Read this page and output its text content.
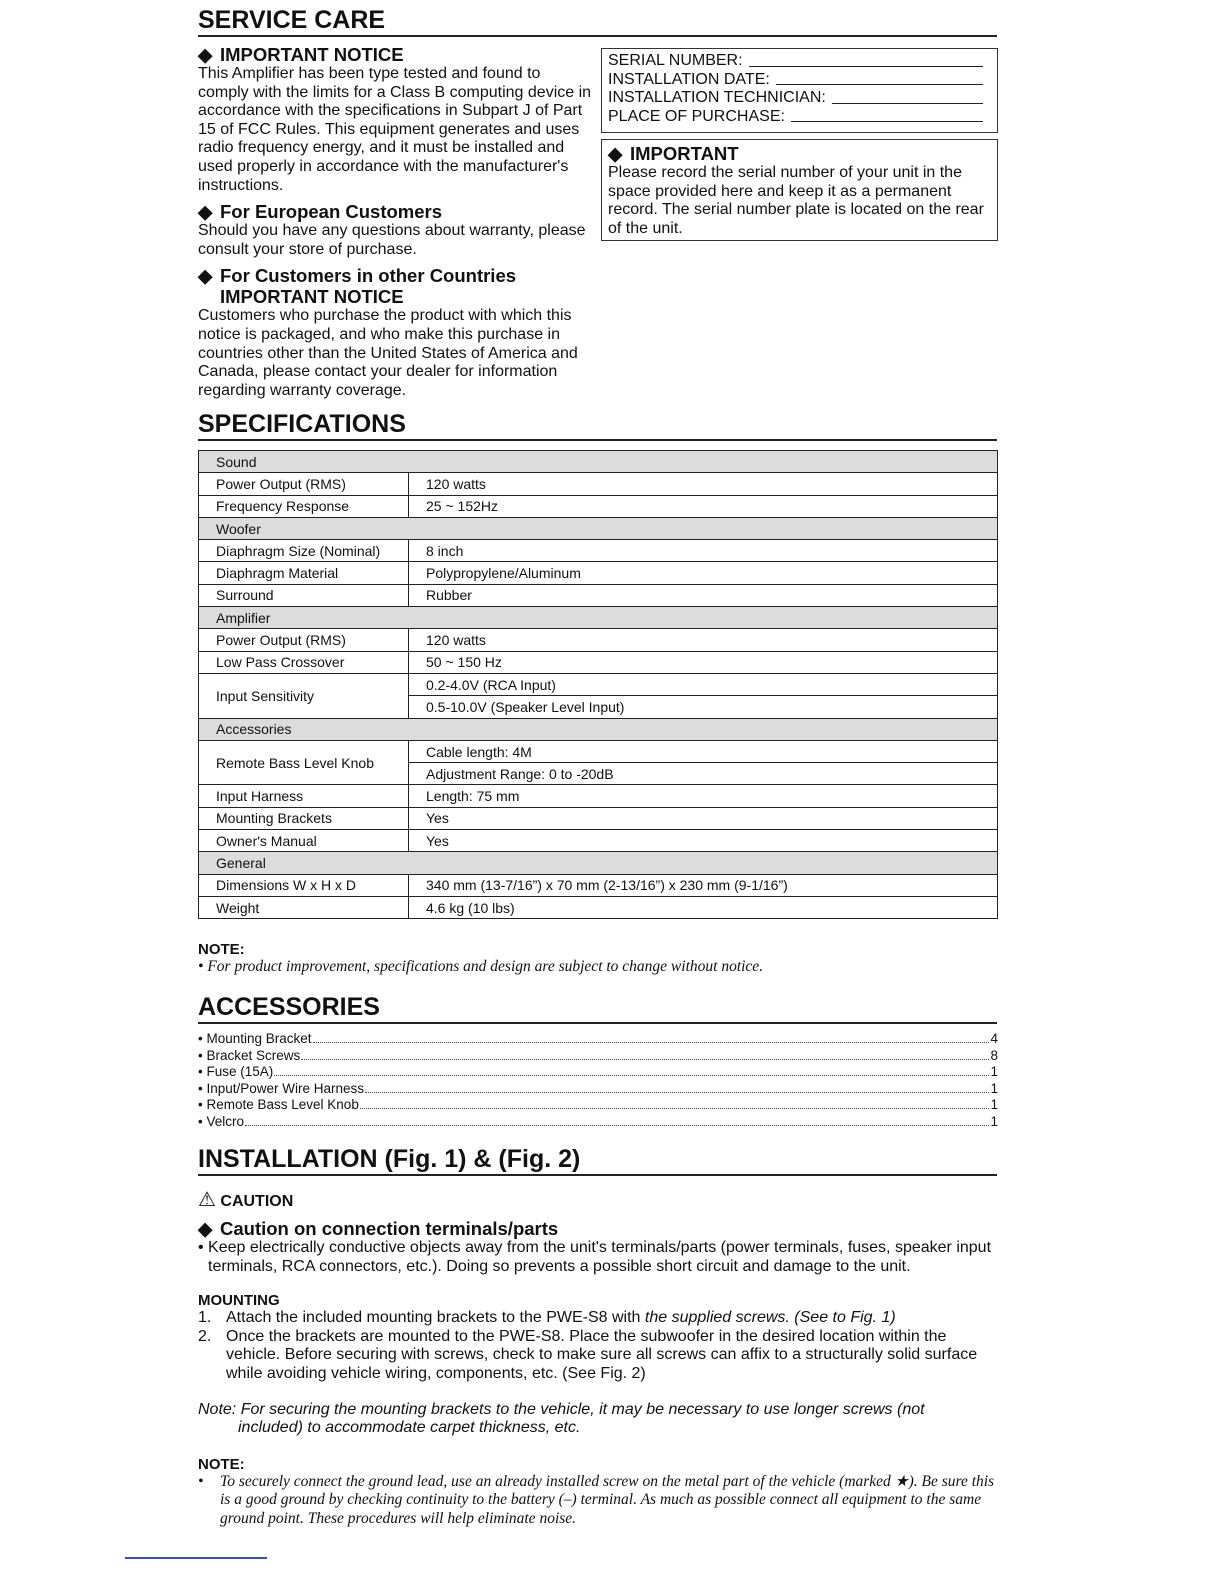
SERVICE CARE
◆ IMPORTANT NOTICE

This Amplifier has been type tested and found to comply with the limits for a Class B computing device in accordance with the specifications in Subpart J of Part 15 of FCC Rules. This equipment generates and uses radio frequency energy, and it must be installed and used properly in accordance with the manufacturer's instructions.

◆ For European Customers

Should you have any questions about warranty, please consult your store of purchase.

◆ For Customers in other Countries
IMPORTANT NOTICE

Customers who purchase the product with which this notice is packaged, and who make this purchase in countries other than the United States of America and Canada, please contact your dealer for information regarding warranty coverage.

SERIAL NUMBER:
INSTALLATION DATE:
INSTALLATION TECHNICIAN:
PLACE OF PURCHASE:
◆ IMPORTANT

Please record the serial number of your unit in the space provided here and keep it as a permanent record. The serial number plate is located on the rear of the unit.

SPECIFICATIONS
Sound	
Power Output (RMS)	120 watts
Frequency Response	25 ~ 152Hz
Woofer	
Diaphragm Size (Nominal)	8 inch
Diaphragm Material	Polypropylene/Aluminum
Surround	Rubber
Amplifier	
Power Output (RMS)	120 watts
Low Pass Crossover	50 ~ 150 Hz
Input Sensitivity	0.2-4.0V (RCA Input)
	0.5-10.0V (Speaker Level Input)
Accessories	
Remote Bass Level Knob	Cable length: 4M
	Adjustment Range: 0 to -20dB
Input Harness	Length: 75 mm
Mounting Brackets	Yes
Owner's Manual	Yes
General	
Dimensions W x H x D	340 mm (13-7/16”) x 70 mm (2-13/16”) x 230 mm (9-1/16”)
Weight	4.6 kg (10 lbs)
NOTE:
• For product improvement, specifications and design are subject to change without notice.
ACCESSORIES
• Mounting Bracket	4
• Bracket Screws	8
• Fuse (15A)	1
• Input/Power Wire Harness	1
• Remote Bass Level Knob	1
• Velcro	1
INSTALLATION (Fig. 1) & (Fig. 2)
⚠ CAUTION
◆ Caution on connection terminals/parts

• Keep electrically conductive objects away from the unit's terminals/parts (power terminals, fuses, speaker input terminals, RCA connectors, etc.). Doing so prevents a possible short circuit and damage to the unit.

MOUNTING
1. Attach the included mounting brackets to the PWE-S8 with the supplied screws. (See to Fig. 1)
2. Once the brackets are mounted to the PWE-S8. Place the subwoofer in the desired location within the vehicle. Before securing with screws, check to make sure all screws can affix to a structurally solid surface while avoiding vehicle wiring, components, etc. (See Fig. 2)

Note: For securing the mounting brackets to the vehicle, it may be necessary to use longer screws (not included) to accommodate carpet thickness, etc.

NOTE:
•	To securely connect the ground lead, use an already installed screw on the metal part of the vehicle (marked ★). Be sure this is a good ground by checking continuity to the battery (–) terminal. As much as possible connect all equipment to the same ground point. These procedures will help eliminate noise.
